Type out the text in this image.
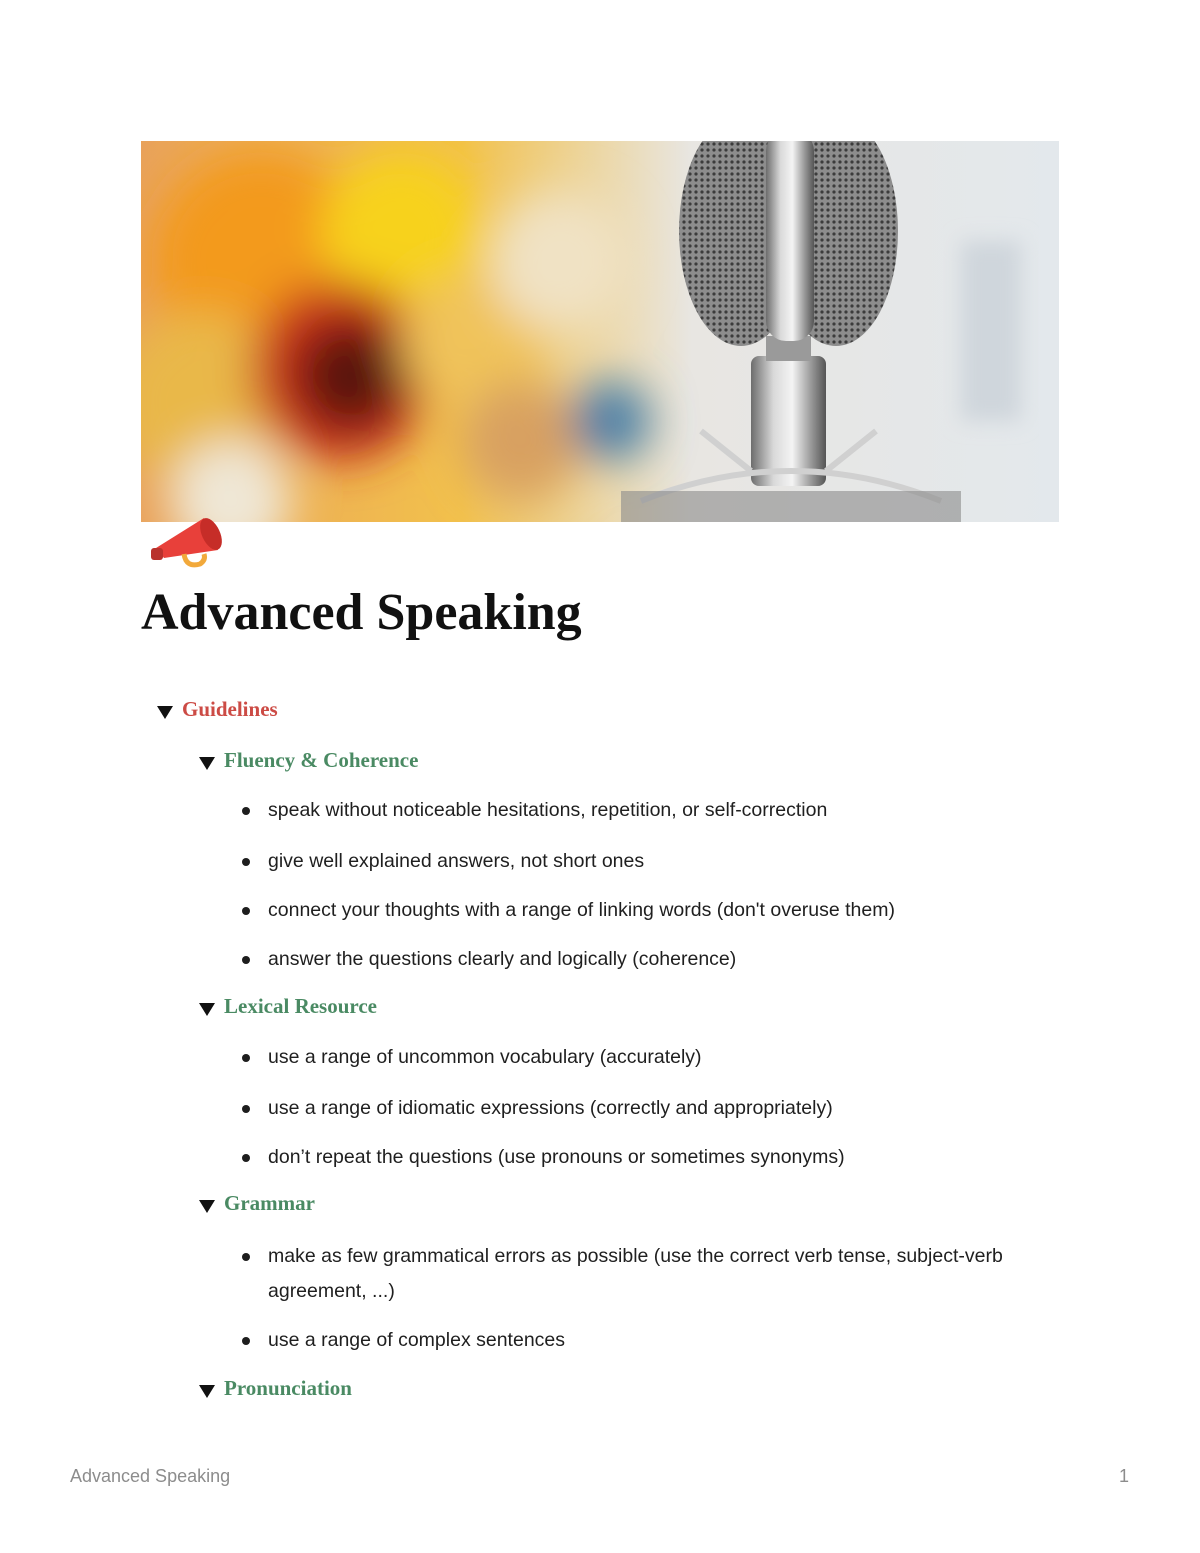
Advanced Speaking
Guidelines
Fluency & Coherence
speak without noticeable hesitations, repetition, or self-correction
give well explained answers, not short ones
connect your thoughts with a range of linking words (don't overuse them)
answer the questions clearly and logically (coherence)
Lexical Resource
use a range of uncommon vocabulary (accurately)
use a range of idiomatic expressions (correctly and appropriately)
don’t repeat the questions (use pronouns or sometimes synonyms)
Grammar
make as few grammatical errors as possible (use the correct verb tense, subject-verb agreement, ...)
use a range of complex sentences
Pronunciation
Advanced Speaking	1
